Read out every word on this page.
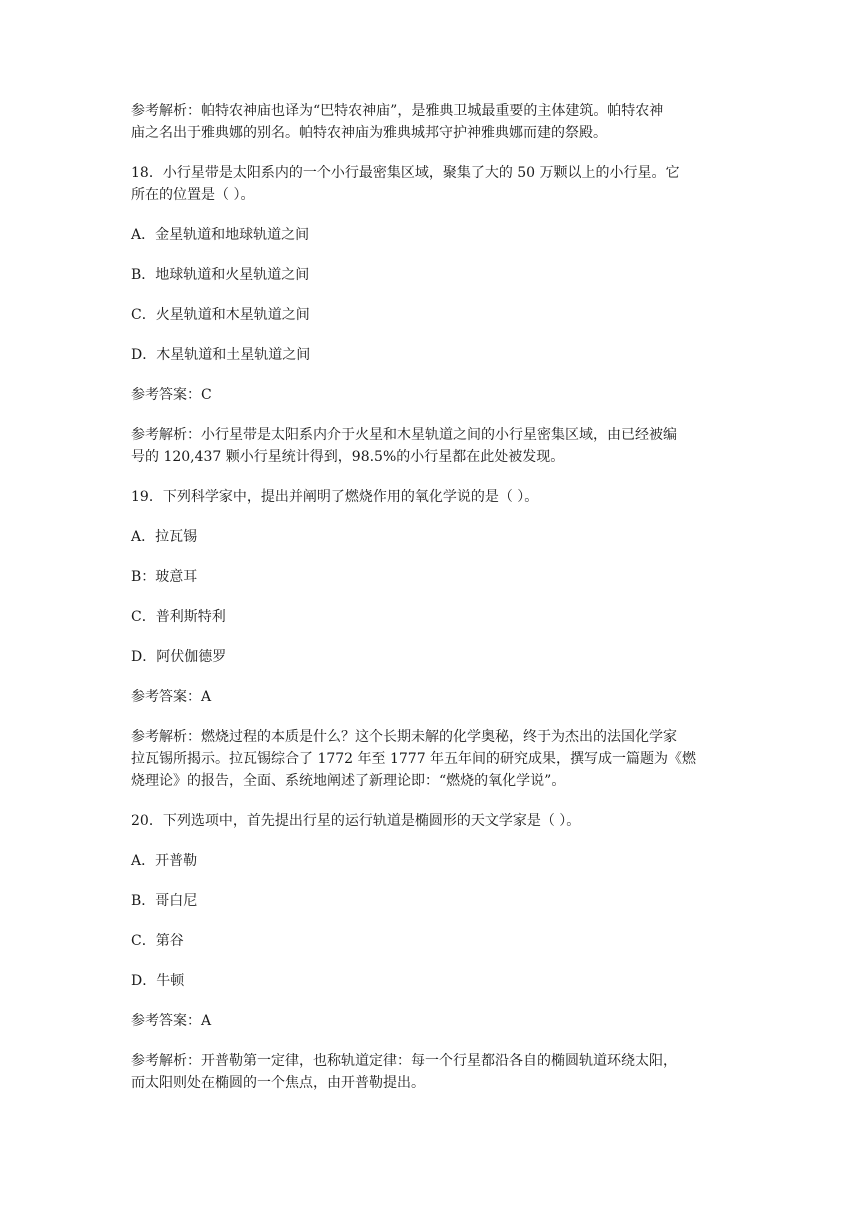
参考解析：帕特农神庙也译为“巴特农神庙”，是雅典卫城最重要的主体建筑。帕特农神
庙之名出于雅典娜的别名。帕特农神庙为雅典城邦守护神雅典娜而建的祭殿。
18．小行星带是太阳系内的一个小行最密集区域，聚集了大的 50 万颗以上的小行星。它
所在的位置是（ ）。
A．金星轨道和地球轨道之间
B．地球轨道和火星轨道之间
C．火星轨道和木星轨道之间
D．木星轨道和土星轨道之间
参考答案：C
参考解析：小行星带是太阳系内介于火星和木星轨道之间的小行星密集区域，由已经被编
号的 120,437 颗小行星统计得到，98.5%的小行星都在此处被发现。
19．下列科学家中，提出并阐明了燃烧作用的氧化学说的是（ ）。
A．拉瓦锡
B：玻意耳
C．普利斯特利
D．阿伏伽德罗
参考答案：A
参考解析：燃烧过程的本质是什么？这个长期未解的化学奥秘，终于为杰出的法国化学家
拉瓦锡所揭示。拉瓦锡综合了 1772 年至 1777 年五年间的研究成果，撰写成一篇题为《燃
烧理论》的报告，全面、系统地阐述了新理论即：“燃烧的氧化学说”。
20．下列选项中，首先提出行星的运行轨道是椭圆形的天文学家是（ ）。
A．开普勒
B．哥白尼
C．第谷
D．牛顿
参考答案：A
参考解析：开普勒第一定律，也称轨道定律：每一个行星都沿各自的椭圆轨道环绕太阳，
而太阳则处在椭圆的一个焦点，由开普勒提出。
